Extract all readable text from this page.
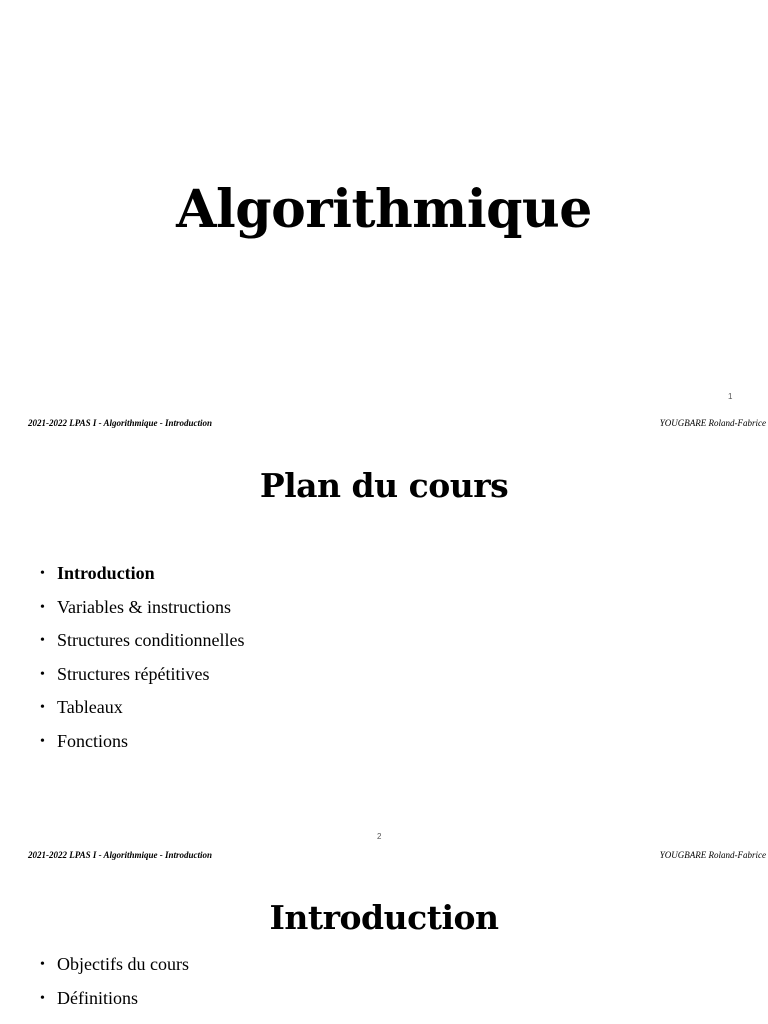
Algorithmique
1
2021-2022 LPAS I - Algorithmique - Introduction	YOUGBARE Roland-Fabrice
Plan du cours
• Introduction
• Variables & instructions
• Structures conditionnelles
• Structures répétitives
• Tableaux
• Fonctions
2
2021-2022 LPAS I - Algorithmique - Introduction	YOUGBARE Roland-Fabrice
Introduction
• Objectifs du cours
• Définitions
